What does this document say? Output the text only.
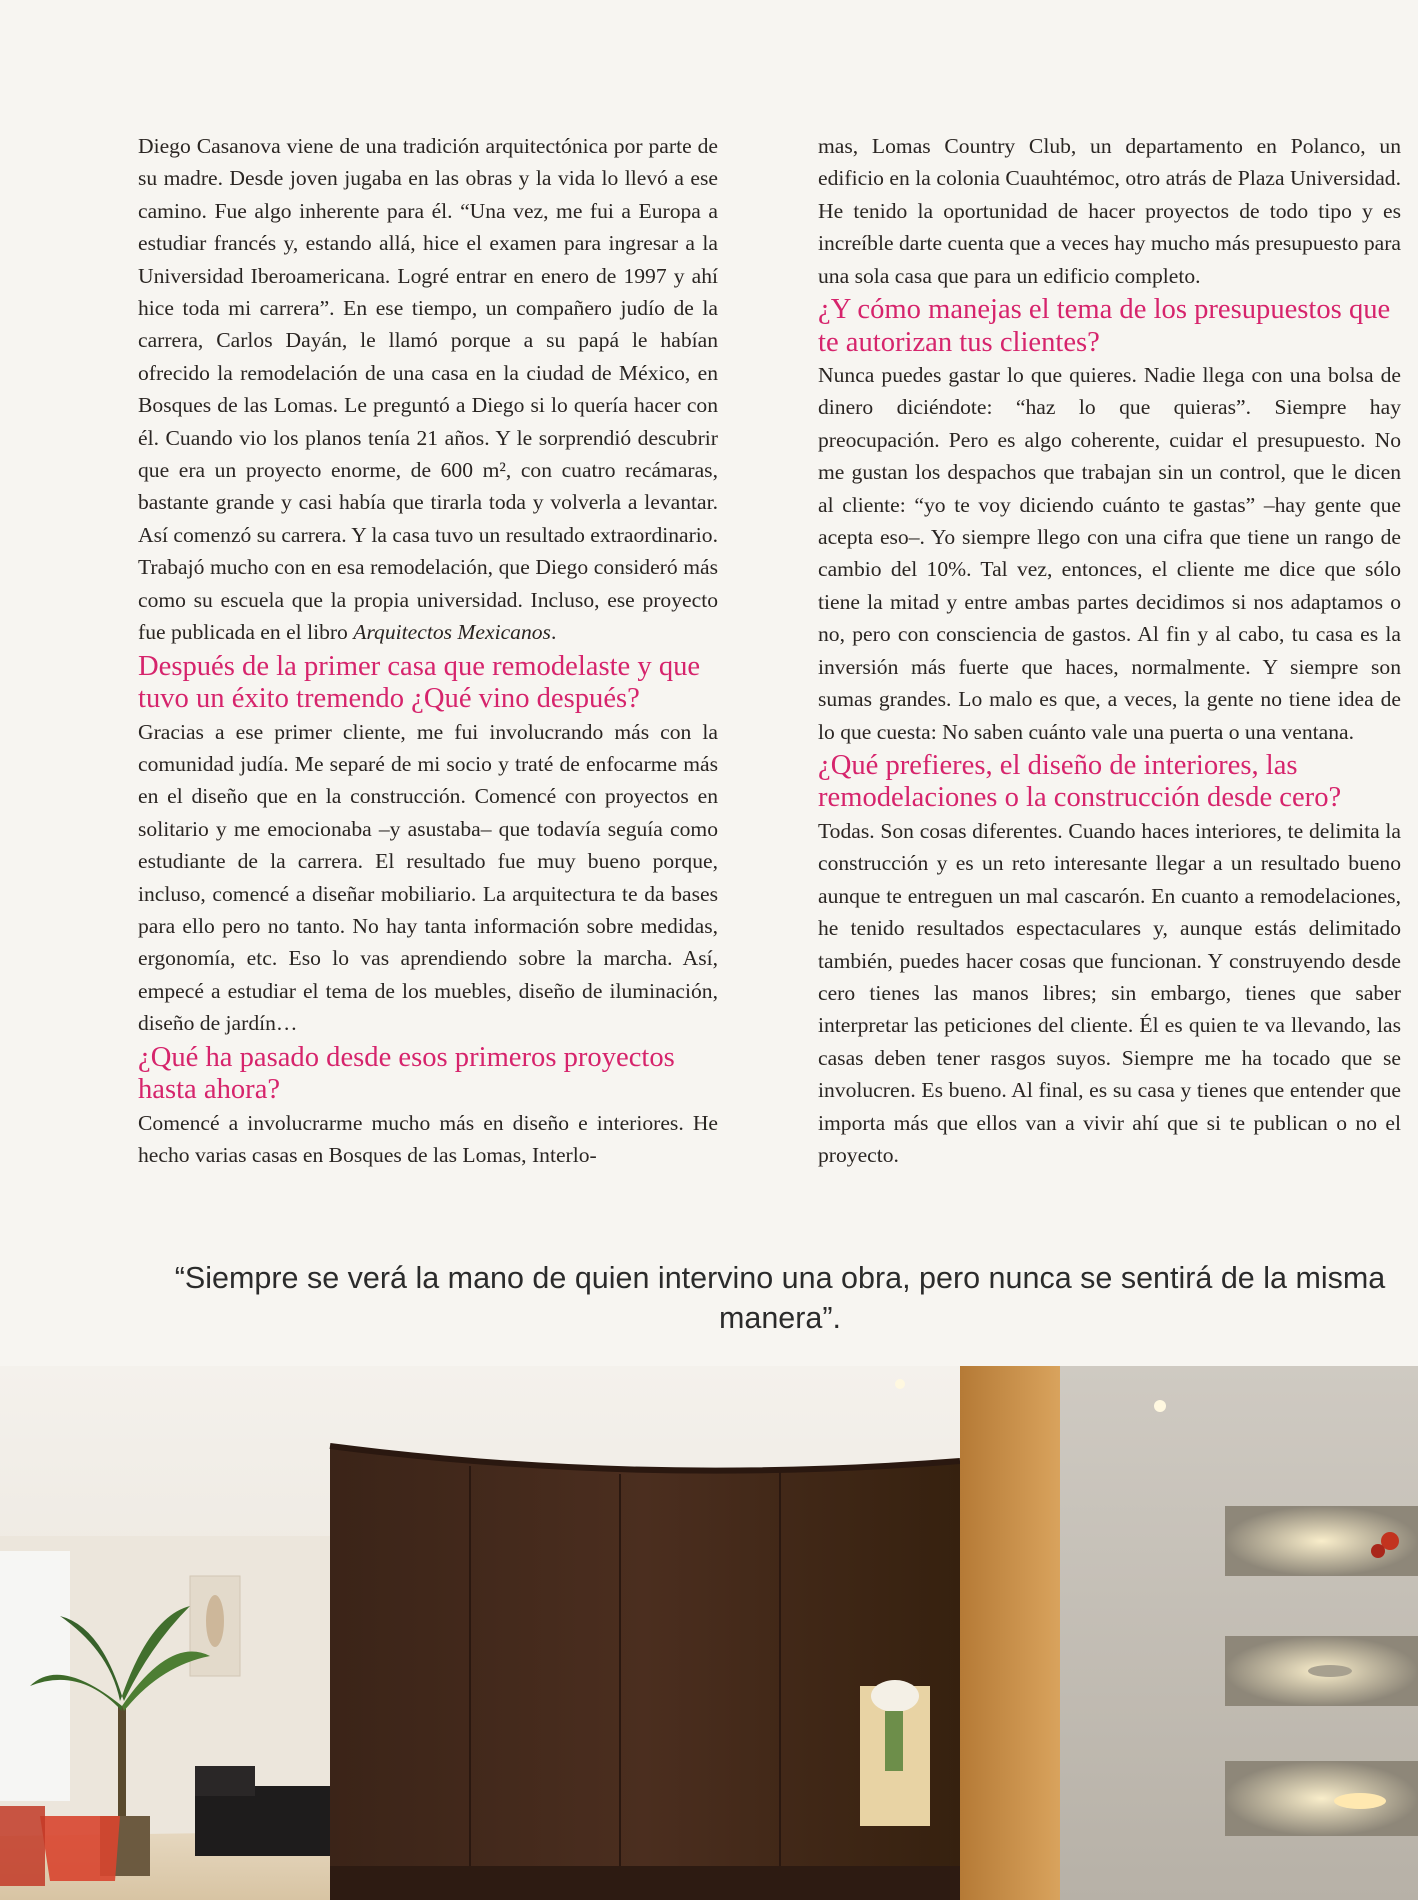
Diego Casanova viene de una tradición arquitectónica por parte de su madre. Desde joven jugaba en las obras y la vida lo llevó a ese camino. Fue algo inherente para él. “Una vez, me fui a Europa a estudiar francés y, estando allá, hice el examen para ingresar a la Universidad Iberoamericana. Logré entrar en enero de 1997 y ahí hice toda mi carrera”. En ese tiempo, un compañero judío de la carrera, Carlos Dayán, le llamó porque a su papá le habían ofrecido la remodelación de una casa en la ciudad de México, en Bosques de las Lomas. Le preguntó a Diego si lo quería hacer con él. Cuando vio los planos tenía 21 años. Y le sorprendió descubrir que era un proyecto enorme, de 600 m², con cuatro recámaras, bastante grande y casi había que tirarla toda y volverla a levantar. Así comenzó su carrera. Y la casa tuvo un resultado extraordinario. Trabajó mucho con en esa remodelación, que Diego consideró más como su escuela que la propia universidad. Incluso, ese proyecto fue publicada en el libro Arquitectos Mexicanos.

Después de la primer casa que remodelaste y que tuvo un éxito tremendo ¿Qué vino después?

Gracias a ese primer cliente, me fui involucrando más con la comunidad judía. Me separé de mi socio y traté de enfocarme más en el diseño que en la construcción. Comencé con proyectos en solitario y me emocionaba –y asustaba– que todavía seguía como estudiante de la carrera. El resultado fue muy bueno porque, incluso, comencé a diseñar mobiliario. La arquitectura te da bases para ello pero no tanto. No hay tanta información sobre medidas, ergonomía, etc. Eso lo vas aprendiendo sobre la marcha. Así, empecé a estudiar el tema de los muebles, diseño de iluminación, diseño de jardín…

¿Qué ha pasado desde esos primeros proyectos hasta ahora?

Comencé a involucrarme mucho más en diseño e interiores. He hecho varias casas en Bosques de las Lomas, Interlo-

mas, Lomas Country Club, un departamento en Polanco, un edificio en la colonia Cuauhtémoc, otro atrás de Plaza Universidad. He tenido la oportunidad de hacer proyectos de todo tipo y es increíble darte cuenta que a veces hay mucho más presupuesto para una sola casa que para un edificio completo.

¿Y cómo manejas el tema de los presupuestos que te autorizan tus clientes?

Nunca puedes gastar lo que quieres. Nadie llega con una bolsa de dinero diciéndote: “haz lo que quieras”. Siempre hay preocupación. Pero es algo coherente, cuidar el presupuesto. No me gustan los despachos que trabajan sin un control, que le dicen al cliente: “yo te voy diciendo cuánto te gastas” –hay gente que acepta eso–. Yo siempre llego con una cifra que tiene un rango de cambio del 10%. Tal vez, entonces, el cliente me dice que sólo tiene la mitad y entre ambas partes decidimos si nos adaptamos o no, pero con consciencia de gastos. Al fin y al cabo, tu casa es la inversión más fuerte que haces, normalmente. Y siempre son sumas grandes. Lo malo es que, a veces, la gente no tiene idea de lo que cuesta: No saben cuánto vale una puerta o una ventana.

¿Qué prefieres, el diseño de interiores, las remodelaciones o la construcción desde cero?

Todas. Son cosas diferentes. Cuando haces interiores, te delimita la construcción y es un reto interesante llegar a un resultado bueno aunque te entreguen un mal cascarón. En cuanto a remodelaciones, he tenido resultados espectaculares y, aunque estás delimitado también, puedes hacer cosas que funcionan. Y construyendo desde cero tienes las manos libres; sin embargo, tienes que saber interpretar las peticiones del cliente. Él es quien te va llevando, las casas deben tener rasgos suyos. Siempre me ha tocado que se involucren. Es bueno. Al final, es su casa y tienes que entender que importa más que ellos van a vivir ahí que si te publican o no el proyecto.

“Siempre se verá la mano de quien intervino una obra, pero nunca se sentirá de la misma manera”.
